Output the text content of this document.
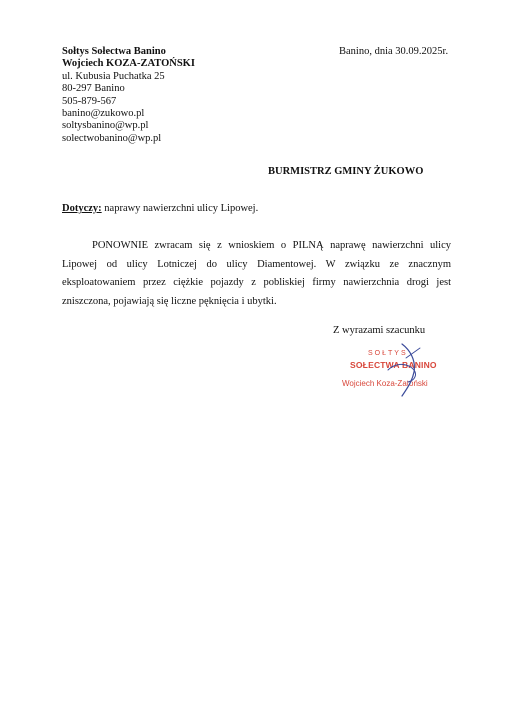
Sołtys Sołectwa Banino
Wojciech KOZA-ZATOŃSKI
ul. Kubusia Puchatka 25
80-297 Banino
505-879-567
banino@zukowo.pl
soltysbanino@wp.pl
solectwobanino@wp.pl
Banino, dnia 30.09.2025r.
BURMISTRZ GMINY ŻUKOWO
Dotyczy: naprawy nawierzchni ulicy Lipowej.

PONOWNIE zwracam się z wnioskiem o PILNĄ naprawę nawierzchni ulicy Lipowej od ulicy Lotniczej do ulicy Diamentowej. W związku ze znacznym eksploatowaniem przez ciężkie pojazdy z pobliskiej firmy nawierzchnia drogi jest zniszczona, pojawiają się liczne pęknięcia i ubytki.

Z wyrazami szacunku
SOŁTYS
SOŁECTWA BANINO
Wojciech Koza-Zatoński
